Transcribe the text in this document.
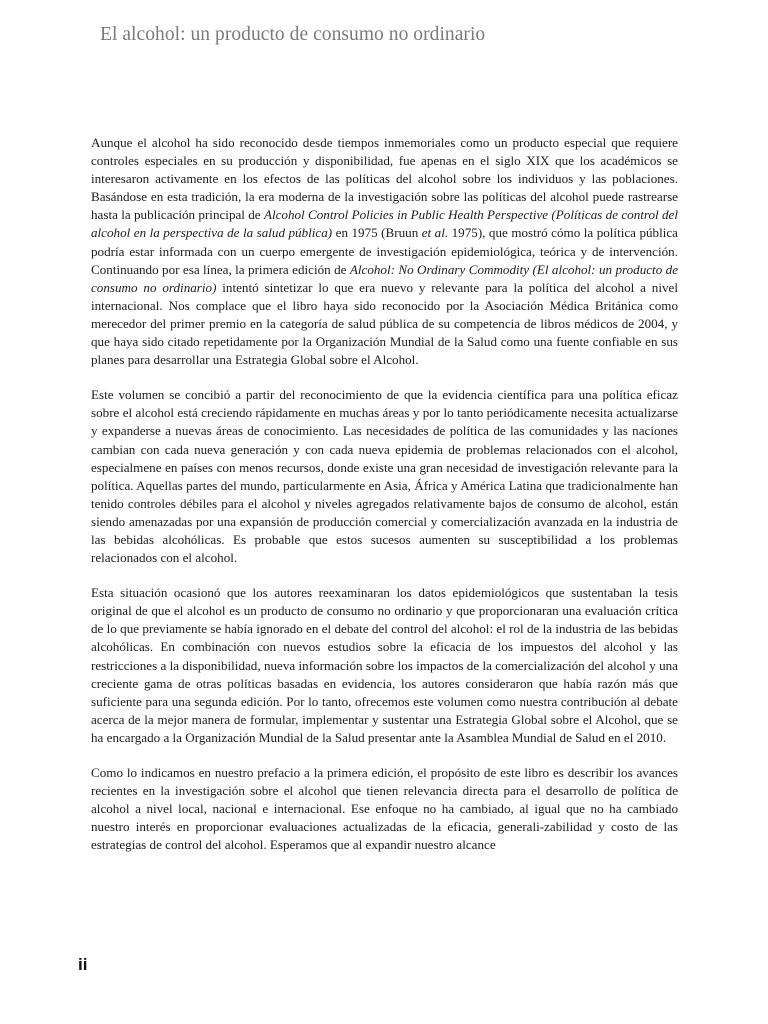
El alcohol: un producto de consumo no ordinario

Aunque el alcohol ha sido reconocido desde tiempos inmemoriales como un producto especial que requiere controles especiales en su producción y disponibilidad, fue apenas en el siglo XIX que los académicos se interesaron activamente en los efectos de las políticas del alcohol sobre los individuos y las poblaciones. Basándose en esta tradición, la era moderna de la investigación sobre las políticas del alcohol puede rastrearse hasta la publicación principal de Alcohol Control Policies in Public Health Perspective (Políticas de control del alcohol en la perspectiva de la salud pública) en 1975 (Bruun et al. 1975), que mostró cómo la política pública podría estar informada con un cuerpo emergente de investigación epidemiológica, teórica y de intervención. Continuando por esa línea, la primera edición de Alcohol: No Ordinary Commodity (El alcohol: un producto de consumo no ordinario) intentó sintetizar lo que era nuevo y relevante para la política del alcohol a nivel internacional. Nos complace que el libro haya sido reconocido por la Asociación Médica Británica como merecedor del primer premio en la categoría de salud pública de su competencia de libros médicos de 2004, y que haya sido citado repetidamente por la Organización Mundial de la Salud como una fuente confiable en sus planes para desarrollar una Estrategia Global sobre el Alcohol.

Este volumen se concibió a partir del reconocimiento de que la evidencia científica para una política eficaz sobre el alcohol está creciendo rápidamente en muchas áreas y por lo tanto periódicamente necesita actualizarse y expanderse a nuevas áreas de conocimiento. Las necesidades de política de las comunidades y las naciones cambian con cada nueva generación y con cada nueva epidemia de problemas relacionados con el alcohol, especialmene en países con menos recursos, donde existe una gran necesidad de investigación relevante para la política. Aquellas partes del mundo, particularmente en Asia, África y América Latina que tradicionalmente han tenido controles débiles para el alcohol y niveles agregados relativamente bajos de consumo de alcohol, están siendo amenazadas por una expansión de producción comercial y comercialización avanzada en la industria de las bebidas alcohólicas. Es probable que estos sucesos aumenten su susceptibilidad a los problemas relacionados con el alcohol.

Esta situación ocasionó que los autores reexaminaran los datos epidemiológicos que sustentaban la tesis original de que el alcohol es un producto de consumo no ordinario y que proporcionaran una evaluación crítica de lo que previamente se había ignorado en el debate del control del alcohol: el rol de la industria de las bebidas alcohólicas. En combinación con nuevos estudios sobre la eficacia de los impuestos del alcohol y las restricciones a la disponibilidad, nueva información sobre los impactos de la comercialización del alcohol y una creciente gama de otras políticas basadas en evidencia, los autores consideraron que había razón más que suficiente para una segunda edición. Por lo tanto, ofrecemos este volumen como nuestra contribución al debate acerca de la mejor manera de formular, implementar y sustentar una Estrategia Global sobre el Alcohol, que se ha encargado a la Organización Mundial de la Salud presentar ante la Asamblea Mundial de Salud en el 2010.

Como lo indicamos en nuestro prefacio a la primera edición, el propósito de este libro es describir los avances recientes en la investigación sobre el alcohol que tienen relevancia directa para el desarrollo de política de alcohol a nivel local, nacional e internacional. Ese enfoque no ha cambiado, al igual que no ha cambiado nuestro interés en proporcionar evaluaciones actualizadas de la eficacia, generali-zabilidad y costo de las estrategias de control del alcohol. Esperamos que al expandir nuestro alcance

ii
